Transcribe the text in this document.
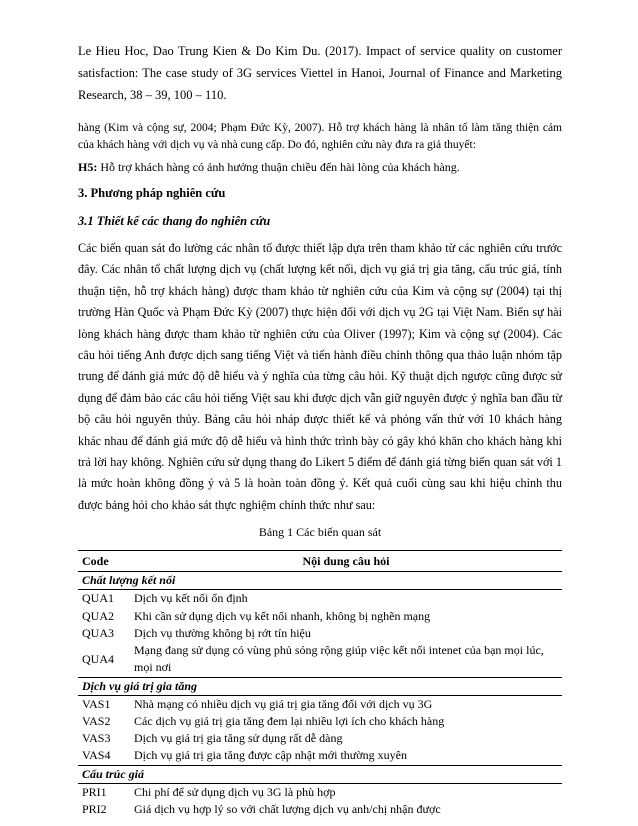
Le Hieu Hoc, Dao Trung Kien & Do Kim Du. (2017). Impact of service quality on customer satisfaction: The case study of 3G services Viettel in Hanoi, Journal of Finance and Marketing Research, 38 – 39, 100 – 110.

hàng (Kim và cộng sự, 2004; Phạm Đức Kỳ, 2007). Hỗ trợ khách hàng là nhân tố làm tăng thiện cảm của khách hàng với dịch vụ và nhà cung cấp. Do đó, nghiên cứu này đưa ra giả thuyết:

H5: Hỗ trợ khách hàng có ảnh hưởng thuận chiều đến hài lòng của khách hàng.

3. Phương pháp nghiên cứu

3.1 Thiết kế các thang đo nghiên cứu

Các biến quan sát đo lường các nhân tố được thiết lập dựa trên tham khảo từ các nghiên cứu trước đây. Các nhân tố chất lượng dịch vụ (chất lượng kết nối, dịch vụ giá trị gia tăng, cấu trúc giá, tính thuận tiện, hỗ trợ khách hàng) được tham khảo từ nghiên cứu của Kim và cộng sự (2004) tại thị trường Hàn Quốc và Phạm Đức Kỳ (2007) thực hiện đối với dịch vụ 2G tại Việt Nam. Biến sự hài lòng khách hàng được tham khảo từ nghiên cứu của Oliver (1997); Kim và cộng sự (2004). Các câu hỏi tiếng Anh được dịch sang tiếng Việt và tiến hành điều chỉnh thông qua thảo luận nhóm tập trung để đánh giá mức độ dễ hiểu và ý nghĩa của từng câu hỏi. Kỹ thuật dịch ngược cũng được sử dụng để đảm bảo các câu hỏi tiếng Việt sau khi được dịch vẫn giữ nguyên được ý nghĩa ban đầu từ bộ câu hỏi nguyên thủy. Bảng câu hỏi nháp được thiết kế và phỏng vấn thử với 10 khách hàng khác nhau để đánh giá mức độ dễ hiểu và hình thức trình bày có gây khó khăn cho khách hàng khi trả lời hay không. Nghiên cứu sử dụng thang đo Likert 5 điểm để đánh giá từng biến quan sát với 1 là mức hoàn không đồng ý và 5 là hoàn toàn đồng ý. Kết quả cuối cùng sau khi hiệu chỉnh thu được bảng hỏi cho khảo sát thực nghiệm chính thức như sau:

Bảng 1 Các biến quan sát

Code	Nội dung câu hỏi
Chất lượng kết nối	
QUA1	Dịch vụ kết nối ổn định
QUA2	Khi cần sử dụng dịch vụ kết nối nhanh, không bị nghẽn mạng
QUA3	Dịch vụ thường không bị rớt tín hiệu
QUA4	Mạng đang sử dụng có vùng phủ sóng rộng giúp việc kết nối intenet của bạn mọi lúc, mọi nơi
Dịch vụ giá trị gia tăng	
VAS1	Nhà mạng có nhiều dịch vụ giá trị gia tăng đối với dịch vụ 3G
VAS2	Các dịch vụ giá trị gia tăng đem lại nhiều lợi ích cho khách hàng
VAS3	Dịch vụ giá trị gia tăng sử dụng rất dễ dàng
VAS4	Dịch vụ giá trị gia tăng được cập nhật mới thường xuyên
Cấu trúc giá	
PRI1	Chi phí để sử dụng dịch vụ 3G là phù hợp
PRI2	Giá dịch vụ hợp lý so với chất lượng dịch vụ anh/chị nhận được
